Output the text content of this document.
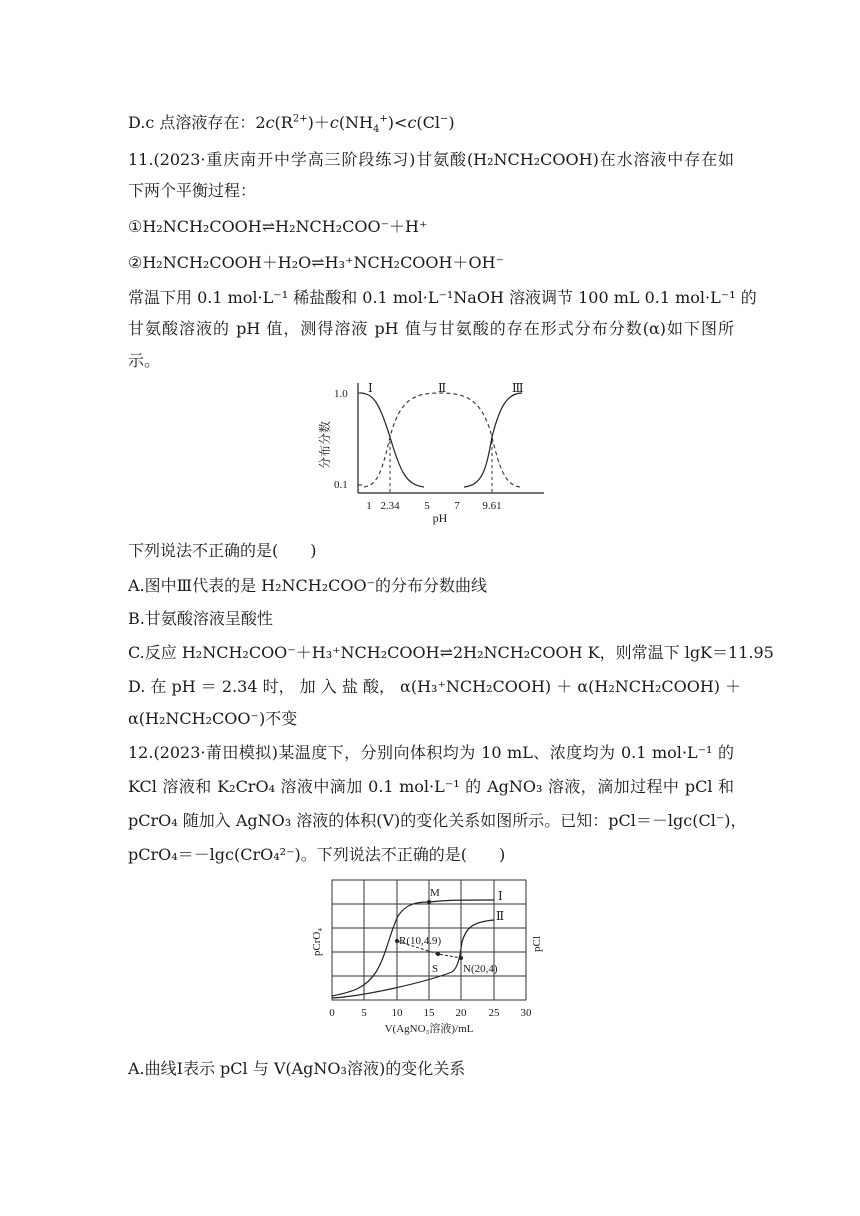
D.c 点溶液存在：$2c(R^{2+})+c(NH_4^+)<c(Cl^-)$
11.(2023·重庆南开中学高三阶段练习)甘氨酸(H₂NCH₂COOH)在水溶液中存在如
下两个平衡过程：
①H₂NCH₂COOH⇌H₂NCH₂COO⁻＋H⁺
②H₂NCH₂COOH＋H₂O⇌H₃⁺NCH₂COOH＋OH⁻
常温下用 0.1 mol·L⁻¹ 稀盐酸和 0.1 mol·L⁻¹NaOH 溶液调节 100 mL 0.1 mol·L⁻¹ 的
甘氨酸溶液的 pH 值，测得溶液 pH 值与甘氨酸的存在形式分布分数(α)如下图所
示。
1.0
0.1
分布分数
1 2.34 5 7 9.61
pH
Ⅰ	Ⅱ	Ⅲ
下列说法不正确的是(　　)
A.图中Ⅲ代表的是 H₂NCH₂COO⁻的分布分数曲线
B.甘氨酸溶液呈酸性
C.反应 H₂NCH₂COO⁻＋H₃⁺NCH₂COOH⇌2H₂NCH₂COOH K，则常温下 lgK＝11.95
D. 在 pH ＝ 2.34 时， 加 入 盐 酸， α(H₃⁺NCH₂COOH) ＋ α(H₂NCH₂COOH) ＋
α(H₂NCH₂COO⁻)不变
12.(2023·莆田模拟)某温度下，分别向体积均为 10 mL、浓度均为 0.1 mol·L⁻¹ 的
KCl 溶液和 K₂CrO₄ 溶液中滴加 0.1 mol·L⁻¹ 的 AgNO₃ 溶液，滴加过程中 pCl 和
pCrO₄ 随加入 AgNO₃ 溶液的体积(V)的变化关系如图所示。已知：pCl＝－lgc(Cl⁻)，
pCrO₄＝－lgc(CrO₄²⁻)。下列说法不正确的是(　　)
M
R(10,4.9)
S N(20,4)
Ⅰ
Ⅱ
pCrO₄	pCl
0 5 10 15 20 25 30
V(AgNO₃溶液)/mL
A.曲线Ⅰ表示 pCl 与 V(AgNO₃溶液)的变化关系
